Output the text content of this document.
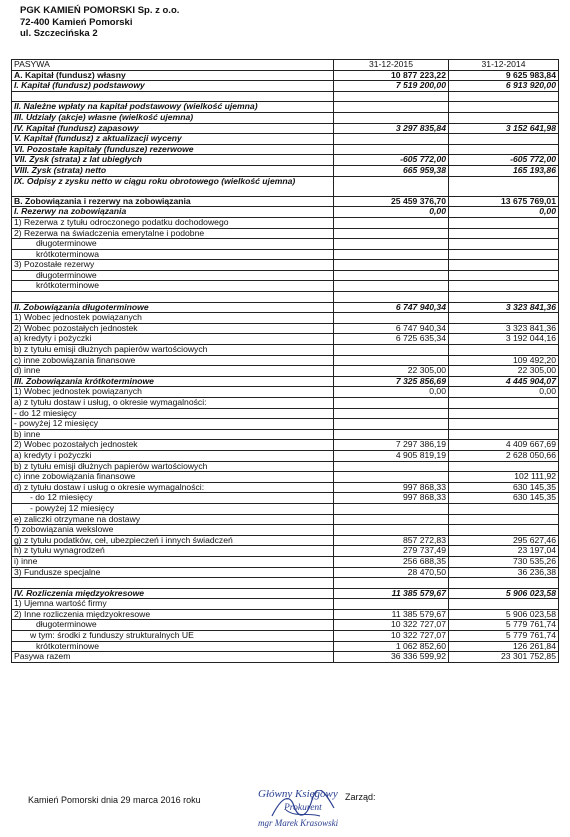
PGK KAMIEŃ POMORSKI Sp. z o.o.
72-400 Kamień Pomorski
ul. Szczecińska 2
PASYWA	31-12-2015	31-12-2014
A. Kapitał (fundusz) własny	10 877 223,22	9 625 983,84
I. Kapitał (fundusz) podstawowy	7 519 200,00	6 913 920,00

II. Należne wpłaty na kapitał podstawowy (wielkość ujemna)		
III. Udziały (akcje) własne (wielkość ujemna)		
IV. Kapitał (fundusz) zapasowy	3 297 835,84	3 152 641,98
V. Kapitał (fundusz) z aktualizacji wyceny		
VI. Pozostałe kapitały (fundusze) rezerwowe		
VII. Zysk (strata) z lat ubiegłych	-605 772,00	-605 772,00
VIII. Zysk (strata) netto	665 959,38	165 193,86
IX. Odpisy z zysku netto w ciągu roku obrotowego (wielkość ujemna)		
B. Zobowiązania i rezerwy na zobowiązania	25 459 376,70	13 675 769,01
I. Rezerwy na zobowiązania	0,00	0,00
1) Rezerwa z tytułu odroczonego podatku dochodowego		
2) Rezerwa na świadczenia emerytalne i podobne		
długoterminowe		
krótkoterminowa		
3) Pozostałe rezerwy		
długoterminowe		
krótkoterminowe		

II. Zobowiązania długoterminowe	6 747 940,34	3 323 841,36
1) Wobec jednostek powiązanych		
2) Wobec pozostałych jednostek	6 747 940,34	3 323 841,36
a) kredyty i pożyczki	6 725 635,34	3 192 044,16
b) z tytułu emisji dłużnych papierów wartościowych		
c) inne zobowiązania finansowe		109 492,20
d) inne	22 305,00	22 305,00
III. Zobowiązania krótkoterminowe	7 325 856,69	4 445 904,07
1) Wobec jednostek powiązanych	0,00	0,00
a) z tytułu dostaw i usług, o okresie wymagalności:		
- do 12 miesięcy		
- powyżej 12 miesięcy		
b) inne		
2) Wobec pozostałych jednostek	7 297 386,19	4 409 667,69
a) kredyty i pożyczki	4 905 819,19	2 628 050,66
b) z tytułu emisji dłużnych papierów wartościowych		
c) inne zobowiązania finansowe		102 111,92
d) z tytułu dostaw i usług o okresie wymagalności:	997 868,33	630 145,35
- do 12 miesięcy	997 868,33	630 145,35
- powyżej 12 miesięcy		
e) zaliczki otrzymane na dostawy		
f) zobowiązania wekslowe		
g) z tytułu podatków, ceł, ubezpieczeń i innych świadczeń	857 272,83	295 627,46
h) z tytułu wynagrodzeń	279 737,49	23 197,04
i) inne	256 688,35	730 535,26
3) Fundusze specjalne	28 470,50	36 236,38

IV. Rozliczenia międzyokresowe	11 385 579,67	5 906 023,58
1) Ujemna wartość firmy		
2) Inne rozliczenia międzyokresowe	11 385 579,67	5 906 023,58
długoterminowe	10 322 727,07	5 779 761,74
w tym: środki z funduszy strukturalnych UE	10 322 727,07	5 779 761,74
krótkoterminowe	1 062 852,60	126 261,84
Pasywa razem	36 336 599,92	23 301 752,85
Kamień Pomorski dnia 29 marca 2016 roku	Zarząd:
Główny Księgowy
Prokurent
mgr Marek Krasowski
